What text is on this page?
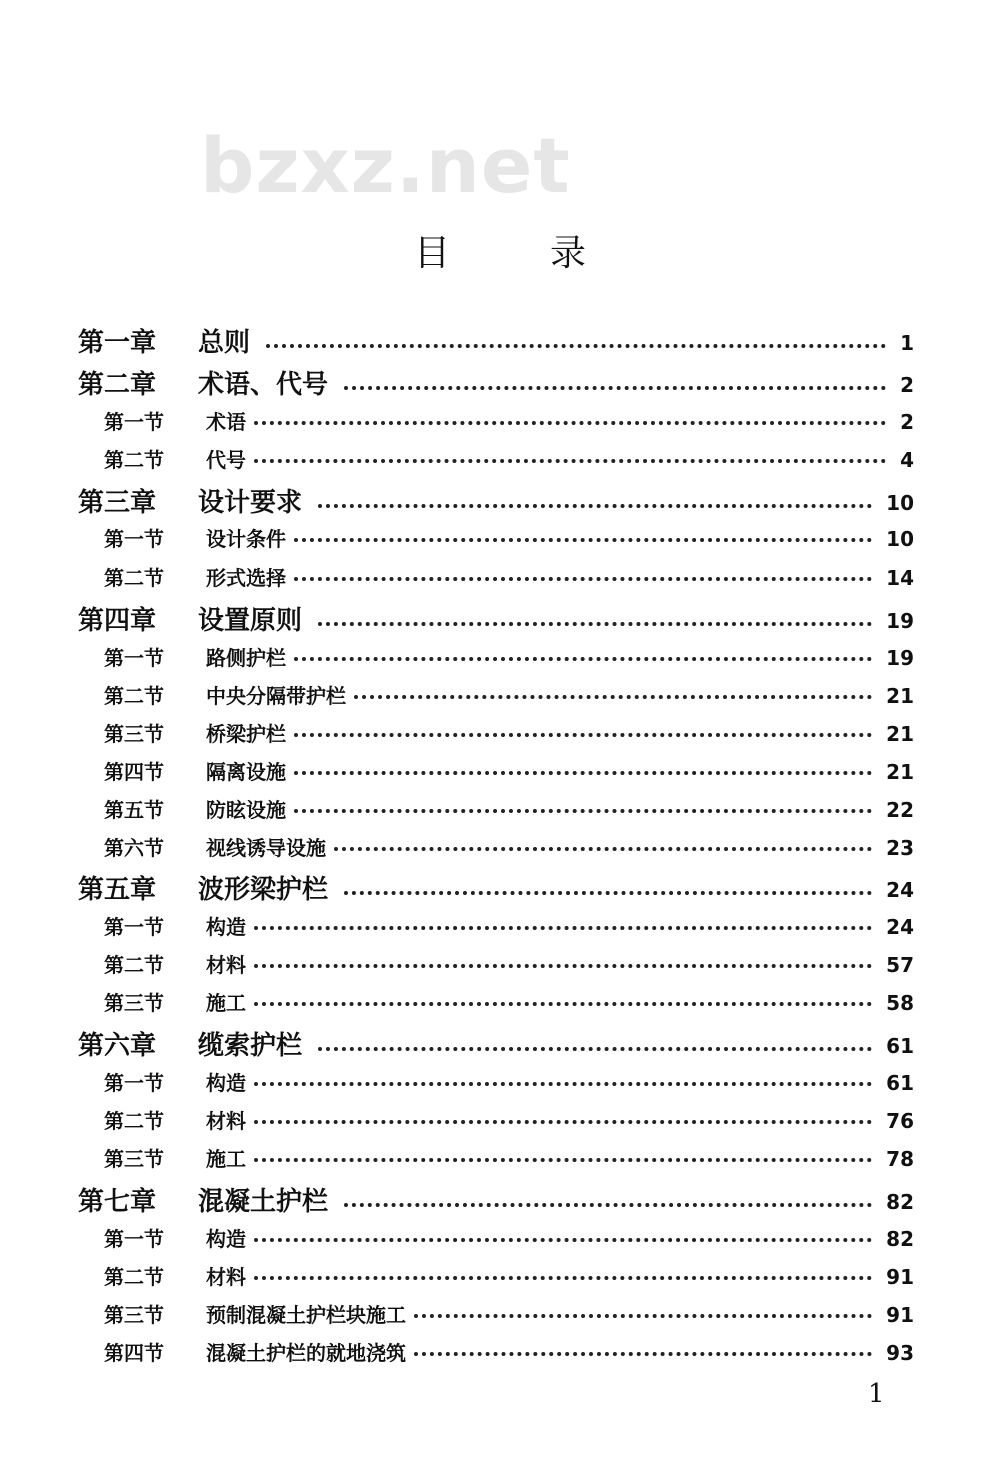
bzxz.net
目	录
第一章 总则	1
第二章 术语、代号	2
第一节 术语	2
第二节 代号	4
第三章 设计要求	10
第一节 设计条件	10
第二节 形式选择	14
第四章 设置原则	19
第一节 路侧护栏	19
第二节 中央分隔带护栏	21
第三节 桥梁护栏	21
第四节 隔离设施	21
第五节 防眩设施	22
第六节 视线诱导设施	23
第五章 波形梁护栏	24
第一节 构造	24
第二节 材料	57
第三节 施工	58
第六章 缆索护栏	61
第一节 构造	61
第二节 材料	76
第三节 施工	78
第七章 混凝土护栏	82
第一节 构造	82
第二节 材料	91
第三节 预制混凝土护栏块施工	91
第四节 混凝土护栏的就地浇筑	93
1
